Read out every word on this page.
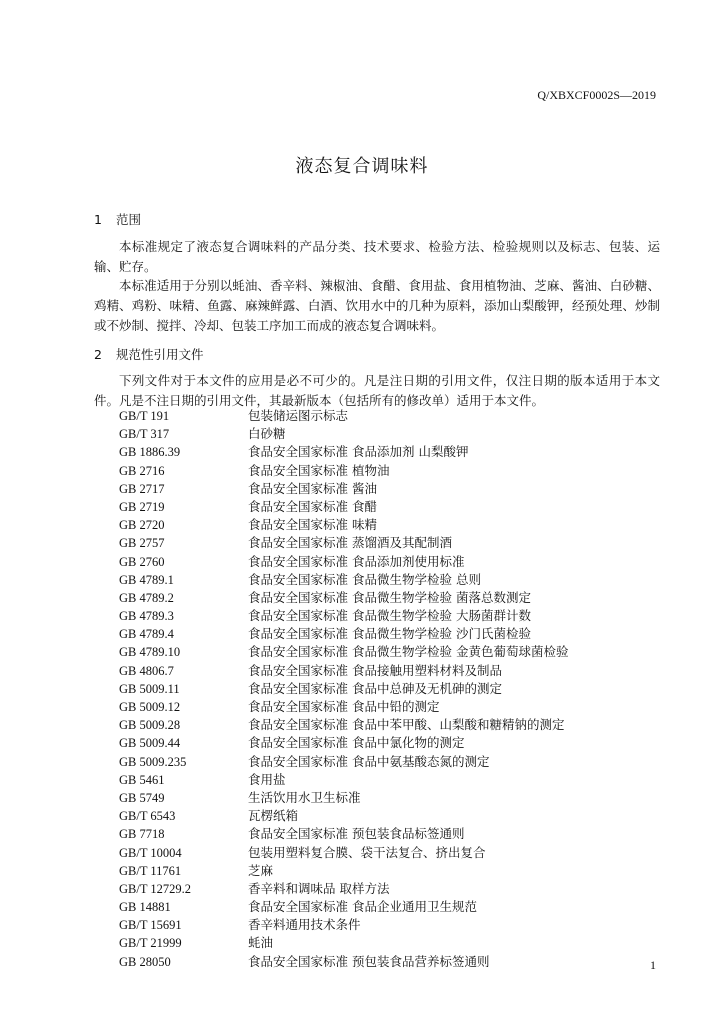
Q/XBXCF0002S—2019
液态复合调味料
1 范围
本标准规定了液态复合调味料的产品分类、技术要求、检验方法、检验规则以及标志、包装、运输、贮存。
本标准适用于分别以蚝油、香辛料、辣椒油、食醋、食用盐、食用植物油、芝麻、酱油、白砂糖、鸡精、鸡粉、味精、鱼露、麻辣鲜露、白酒、饮用水中的几种为原料，添加山梨酸钾，经预处理、炒制或不炒制、搅拌、冷却、包装工序加工而成的液态复合调味料。
2 规范性引用文件
下列文件对于本文件的应用是必不可少的。凡是注日期的引用文件，仅注日期的版本适用于本文件。凡是不注日期的引用文件，其最新版本（包括所有的修改单）适用于本文件。
GB/T 191	包装储运图示标志
GB/T 317	白砂糖
GB 1886.39	食品安全国家标准 食品添加剂 山梨酸钾
GB 2716	食品安全国家标准 植物油
GB 2717	食品安全国家标准 酱油
GB 2719	食品安全国家标准 食醋
GB 2720	食品安全国家标准 味精
GB 2757	食品安全国家标准 蒸馏酒及其配制酒
GB 2760	食品安全国家标准 食品添加剂使用标准
GB 4789.1	食品安全国家标准 食品微生物学检验 总则
GB 4789.2	食品安全国家标准 食品微生物学检验 菌落总数测定
GB 4789.3	食品安全国家标准 食品微生物学检验 大肠菌群计数
GB 4789.4	食品安全国家标准 食品微生物学检验 沙门氏菌检验
GB 4789.10	食品安全国家标准 食品微生物学检验 金黄色葡萄球菌检验
GB 4806.7	食品安全国家标准 食品接触用塑料材料及制品
GB 5009.11	食品安全国家标准 食品中总砷及无机砷的测定
GB 5009.12	食品安全国家标准 食品中铅的测定
GB 5009.28	食品安全国家标准 食品中苯甲酸、山梨酸和糖精钠的测定
GB 5009.44	食品安全国家标准 食品中氯化物的测定
GB 5009.235	食品安全国家标准 食品中氨基酸态氮的测定
GB 5461	食用盐
GB 5749	生活饮用水卫生标准
GB/T 6543	瓦楞纸箱
GB 7718	食品安全国家标准 预包装食品标签通则
GB/T 10004	包装用塑料复合膜、袋干法复合、挤出复合
GB/T 11761	芝麻
GB/T 12729.2	香辛料和调味品 取样方法
GB 14881	食品安全国家标准 食品企业通用卫生规范
GB/T 15691	香辛料通用技术条件
GB/T 21999	蚝油
GB 28050	食品安全国家标准 预包装食品营养标签通则	1
